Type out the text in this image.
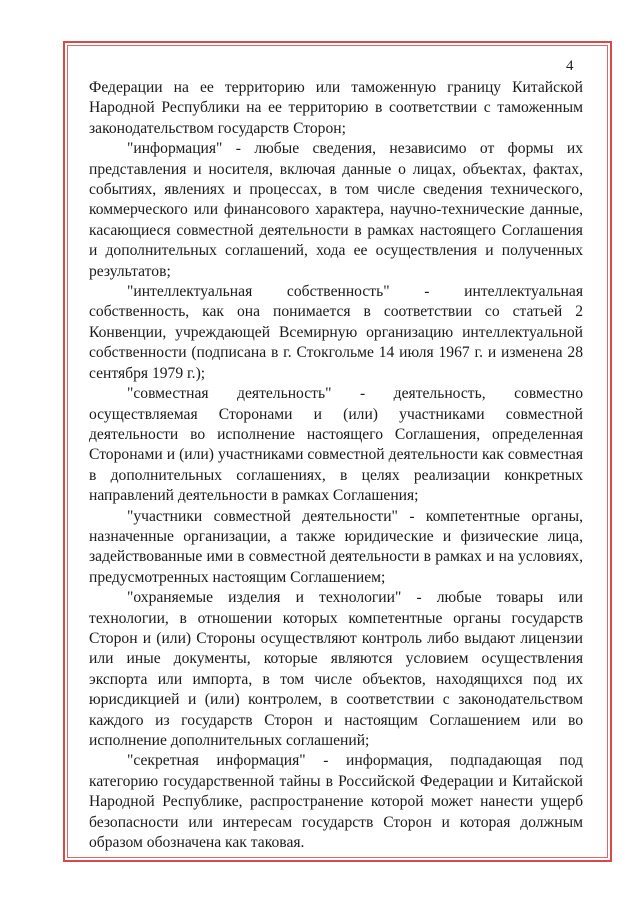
4

Федерации на ее территорию или таможенную границу Китайской Народной Республики на ее территорию в соответствии с таможенным законодательством государств Сторон;

"информация" - любые сведения, независимо от формы их представления и носителя, включая данные о лицах, объектах, фактах, событиях, явлениях и процессах, в том числе сведения технического, коммерческого или финансового характера, научно-технические данные, касающиеся совместной деятельности в рамках настоящего Соглашения и дополнительных соглашений, хода ее осуществления и полученных результатов;

"интеллектуальная собственность" - интеллектуальная собственность, как она понимается в соответствии со статьей 2 Конвенции, учреждающей Всемирную организацию интеллектуальной собственности (подписана в г. Стокгольме 14 июля 1967 г. и изменена 28 сентября 1979 г.);

"совместная деятельность" - деятельность, совместно осуществляемая Сторонами и (или) участниками совместной деятельности во исполнение настоящего Соглашения, определенная Сторонами и (или) участниками совместной деятельности как совместная в дополнительных соглашениях, в целях реализации конкретных направлений деятельности в рамках Соглашения;

"участники совместной деятельности" - компетентные органы, назначенные организации, а также юридические и физические лица, задействованные ими в совместной деятельности в рамках и на условиях, предусмотренных настоящим Соглашением;

"охраняемые изделия и технологии" - любые товары или технологии, в отношении которых компетентные органы государств Сторон и (или) Стороны осуществляют контроль либо выдают лицензии или иные документы, которые являются условием осуществления экспорта или импорта, в том числе объектов, находящихся под их юрисдикцией и (или) контролем, в соответствии с законодательством каждого из государств Сторон и настоящим Соглашением или во исполнение дополнительных соглашений;

"секретная информация" - информация, подпадающая под категорию государственной тайны в Российской Федерации и Китайской Народной Республике, распространение которой может нанести ущерб безопасности или интересам государств Сторон и которая должным образом обозначена как таковая.
